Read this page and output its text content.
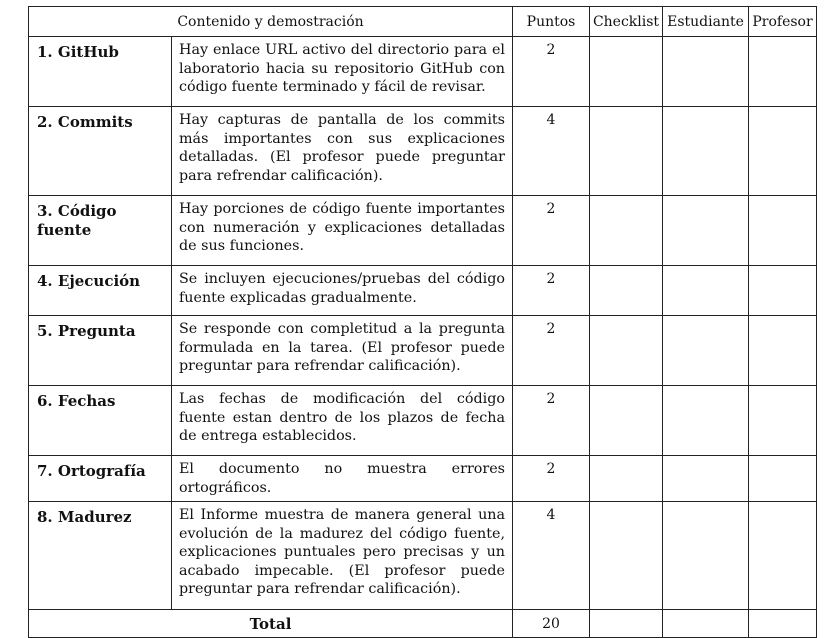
Contenido y demostración		Puntos	Checklist	Estudiante	Profesor
1. GitHub	Hay enlace URL activo del directorio para el laboratorio hacia su repositorio GitHub con código fuente terminado y fácil de revisar.	2			
2. Commits	Hay capturas de pantalla de los commits más importantes con sus explicaciones detalladas. (El profesor puede preguntar para refrendar calificación).	4			
3. Código fuente	Hay porciones de código fuente importantes con numeración y explicaciones detalladas de sus funciones.	2			
4. Ejecución	Se incluyen ejecuciones/pruebas del código fuente explicadas gradualmente.	2			
5. Pregunta	Se responde con completitud a la pregunta formulada en la tarea. (El profesor puede preguntar para refrendar calificación).	2			
6. Fechas	Las fechas de modificación del código fuente estan dentro de los plazos de fecha de entrega establecidos.	2			
7. Ortografía	El documento no muestra errores ortográficos.	2			
8. Madurez	El Informe muestra de manera general una evolución de la madurez del código fuente, explicaciones puntuales pero precisas y un acabado impecable. (El profesor puede preguntar para refrendar calificación).	4			
Total		20			
